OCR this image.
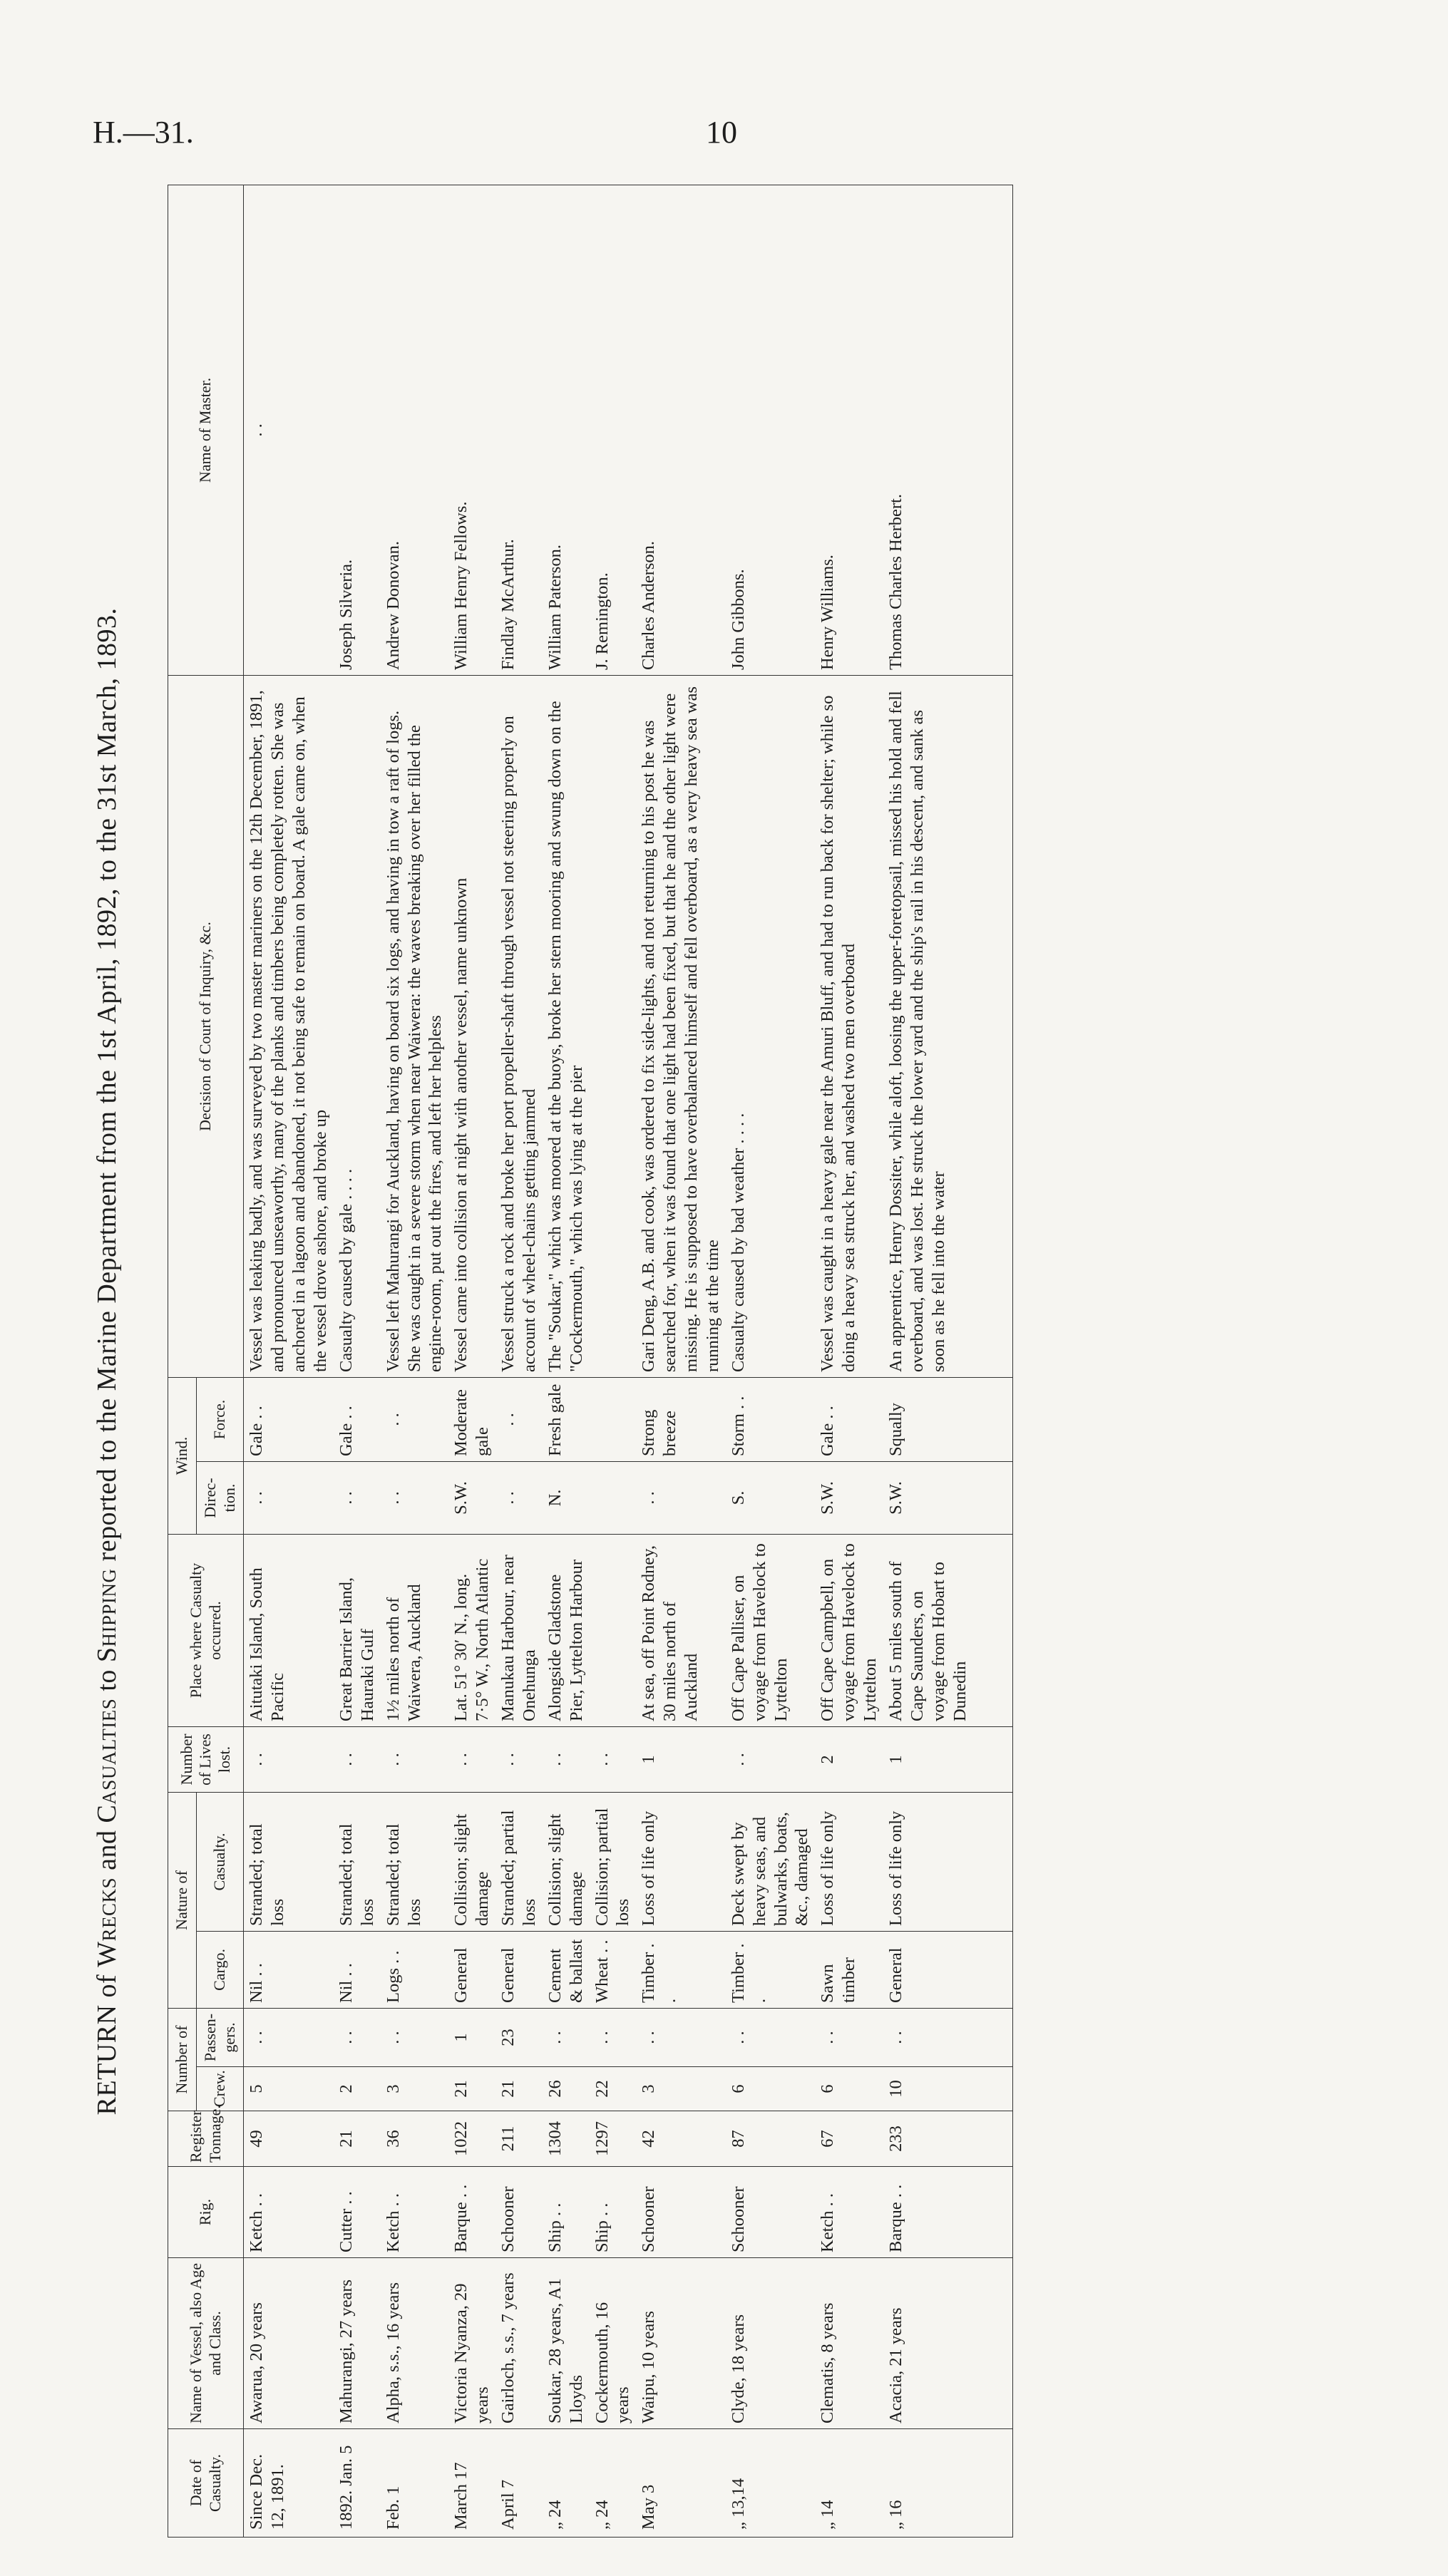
H.—31.	10
RETURN of Wrecks and Casualties to Shipping reported to the Marine Department from the 1st April, 1892, to the 31st March, 1893.
Date of Casualty.	Name of Vessel, also Age and Class.	Rig.	Register Tonnage.	Number of		Nature of		Number of Lives lost.	Place where Casualty occurred.	Wind.		Decision of Court of Inquiry, &c.	Name of Master.
				Crew.	Passen-gers.	Cargo.	Casualty.			Direc-tion.	Force.		
Since Dec. 12, 1891.	Awarua, 20 years	Ketch . .	49	5	. .	Nil . .	Stranded; total loss	. .	Aitutaki Island, South Pacific	. .	Gale . .	Vessel was leaking badly, and was surveyed by two master mariners on the 12th December, 1891, and pronounced unseaworthy, many of the planks and timbers being completely rotten. She was anchored in a lagoon and abandoned, it not being safe to remain on board. A gale came on, when the vessel drove ashore, and broke up	. .
1892. Jan. 5	Mahurangi, 27 years	Cutter . .	21	2	. .	Nil . .	Stranded; total loss	. .	Great Barrier Island, Hauraki Gulf	. .	Gale . .	Casualty caused by gale . . . .	Joseph Silveria.
Feb. 1	Alpha, s.s., 16 years	Ketch . .	36	3	. .	Logs . .	Stranded; total loss	. .	1½ miles north of Waiwera, Auckland	. .	. .	Vessel left Mahurangi for Auckland, having on board six logs, and having in tow a raft of logs. She was caught in a severe storm when near Waiwera: the waves breaking over her filled the engine-room, put out the fires, and left her helpless	Andrew Donovan.
March 17	Victoria Nyanza, 29 years	Barque . .	1022	21	1	General	Collision; slight damage	. .	Lat. 51° 30′ N., long. 7·5° W., North Atlantic	S.W.	Moderate gale	Vessel came into collision at night with another vessel, name unknown	William Henry Fellows.
April 7	Gairloch, s.s., 7 years	Schooner	211	21	23	General	Stranded; partial loss	. .	Manukau Harbour, near Onehunga	. .	. .	Vessel struck a rock and broke her port propeller-shaft through vessel not steering properly on account of wheel-chains getting jammed	Findlay McArthur.
„ 24	Soukar, 28 years, A1 Lloyds	Ship . .	1304	26	. .	Cement & ballast	Collision; slight damage	. .	Alongside Gladstone Pier, Lyttelton Harbour	N.	Fresh gale	The "Soukar," which was moored at the buoys, broke her stern mooring and swung down on the "Cockermouth," which was lying at the pier	William Paterson.
„ 24	Cockermouth, 16 years	Ship . .	1297	22	. .	Wheat . .	Collision; partial loss	. .					J. Remington.
May 3	Waipu, 10 years	Schooner	42	3	. .	Timber . .	Loss of life only	1	At sea, off Point Rodney, 30 miles north of Auckland	. .	Strong breeze	Gari Deng, A.B. and cook, was ordered to fix side-lights, and not returning to his post he was searched for, when it was found that one light had been fixed, but that he and the other light were missing. He is supposed to have overbalanced himself and fell overboard, as a very heavy sea was running at the time	Charles Anderson.
„ 13,14	Clyde, 18 years	Schooner	87	6	. .	Timber . .	Deck swept by heavy seas, and bulwarks, boats, &c., damaged	. .	Off Cape Palliser, on voyage from Havelock to Lyttelton	S.	Storm . .	Casualty caused by bad weather . . . .	John Gibbons.
„ 14	Clematis, 8 years	Ketch . .	67	6	. .	Sawn timber	Loss of life only	2	Off Cape Campbell, on voyage from Havelock to Lyttelton	S.W.	Gale . .	Vessel was caught in a heavy gale near the Amuri Bluff, and had to run back for shelter; while so doing a heavy sea struck her, and washed two men overboard	Henry Williams.
„ 16	Acacia, 21 years	Barque . .	233	10	. .	General	Loss of life only	1	About 5 miles south of Cape Saunders, on voyage from Hobart to Dunedin	S.W.	Squally	An apprentice, Henry Dossiter, while aloft, loosing the upper-foretopsail, missed his hold and fell overboard, and was lost. He struck the lower yard and the ship's rail in his descent, and sank as soon as he fell into the water	Thomas Charles Herbert.
